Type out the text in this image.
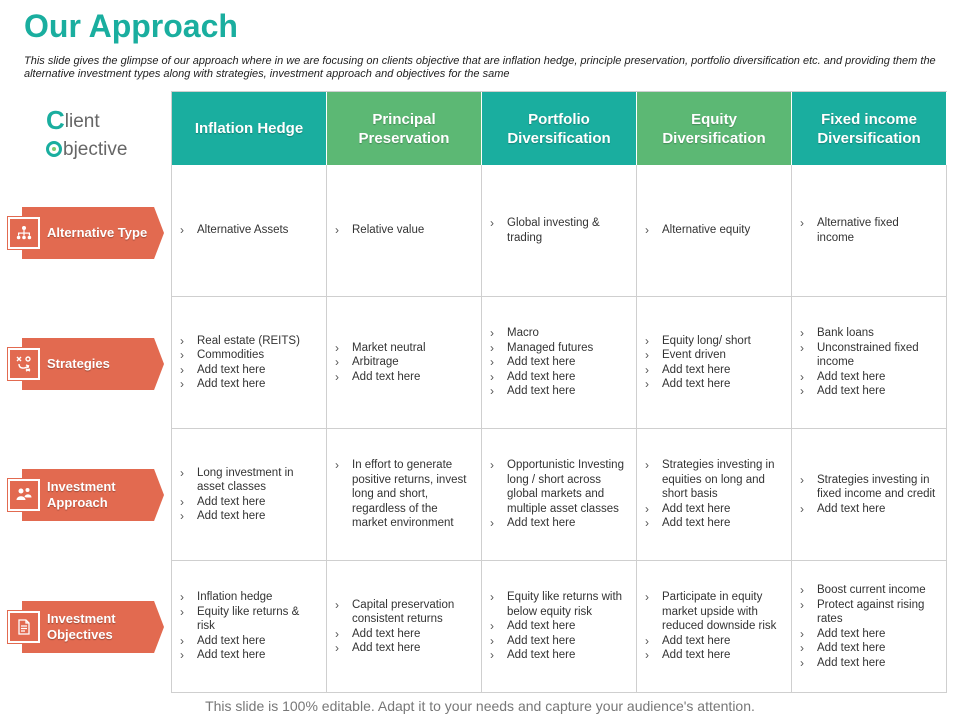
Our Approach
This slide gives the glimpse of our approach where in we are focusing on clients objective that are inflation hedge, principle preservation, portfolio diversification etc. and providing them the alternative investment types along with strategies, investment approach and objectives for the same
Client
bjective
Inflation Hedge
Principal Preservation
Portfolio Diversification
Equity Diversification
Fixed income Diversification
› Alternative Assets
›	Relative value
› Global investing & trading
› Alternative equity
› Alternative fixed income
› Real estate (REITS)
› Commodities
› Add text here
› Add text here
› Market neutral
› Arbitrage
› Add text here
› Macro
› Managed futures
› Add text here
› Add text here
› Add text here
› Equity long/ short
› Event driven
› Add text here
› Add text here
› Bank loans
› Unconstrained fixed income
› Add text here
› Add text here
› Long investment in asset classes
› Add text here
› Add text here
› In effort to generate positive returns, invest long and short, regardless of the market environment
› Opportunistic Investing long / short across global markets and multiple asset classes
› Add text here
› Strategies investing in equities on long and short basis
› Add text here
› Add text here
› Strategies investing in fixed income and credit
› Add text here
› Inflation hedge
› Equity like returns & risk
› Add text here
› Add text here
› Capital preservation consistent returns
› Add text here
› Add text here
› Equity like returns with below equity risk
› Add text here
› Add text here
› Add text here
› Participate in equity market upside with reduced downside risk
› Add text here
› Add text here
› Boost current income
› Protect against rising rates
› Add text here
› Add text here
› Add text here
Alternative Type
Strategies
Investment Approach
Investment Objectives
This slide is 100% editable. Adapt it to your needs and capture your audience's attention.
